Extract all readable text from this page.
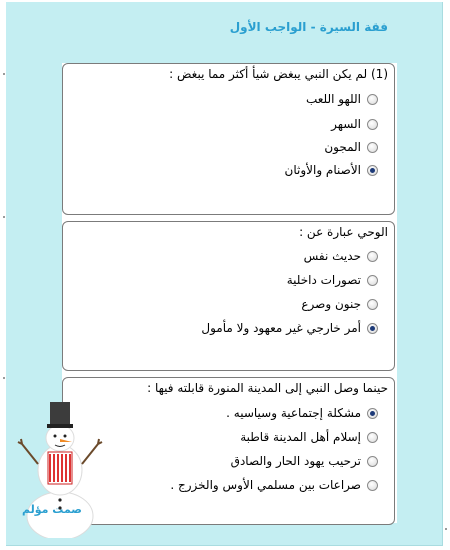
فقة السيرة - الواجب الأول
(1) لم يكن النبي يبغض شيأ أكثر مما يبغض :
اللهو اللعب
السهر
المجون
الأصنام والأوثان
الوحي عبارة عن :
حديث نفس
تصورات داخلية
جنون وصرع
أمر خارجي غير معهود ولا مأمول
حينما وصل النبي إلى المدينة المنورة قابلته فيها :
مشكلة إجتماعية وسياسيه .
إسلام أهل المدينة قاطبة
ترحيب يهود الحار والصادق
صراعات بين مسلمي الأوس والخزرج .
صمت مؤلم
